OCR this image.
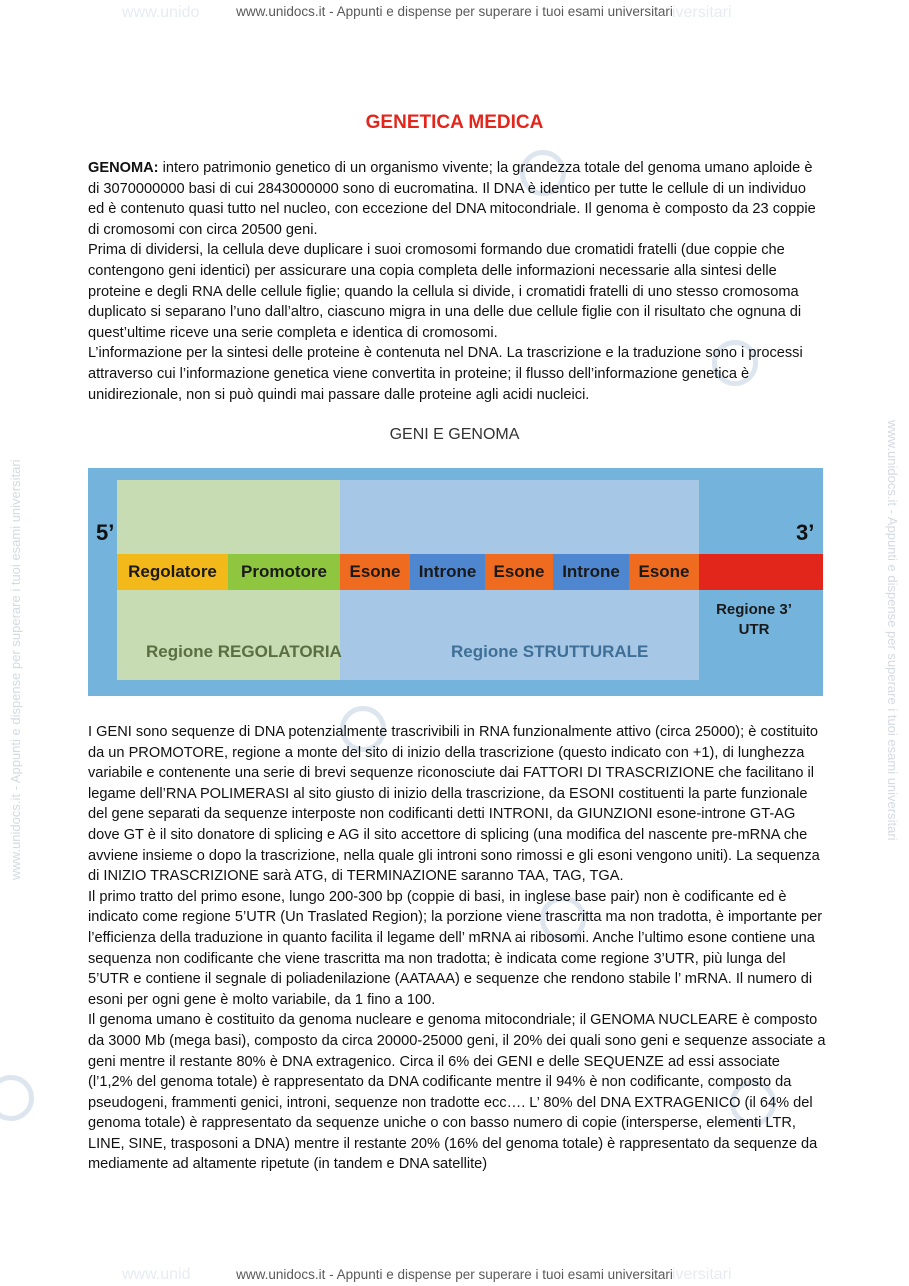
www.unido	iversitari
www.unid	iversitari
www.unidocs.it - Appunti e dispense per superare i tuoi esami universitari	www.unidocs.it - Appunti e dispense per superare i tuoi esami universitari
www.unidocs.it - Appunti e dispense per superare i tuoi esami universitari
GENETICA MEDICA
GENOMA: intero patrimonio genetico di un organismo vivente; la grandezza totale del genoma umano aploide è di 3070000000 basi di cui 2843000000 sono di eucromatina. Il DNA è identico per tutte le cellule di un individuo ed è contenuto quasi tutto nel nucleo, con eccezione del DNA mitocondriale. Il genoma è composto da 23 coppie di cromosomi con circa 20500 geni.
Prima di dividersi, la cellula deve duplicare i suoi cromosomi formando due cromatidi fratelli (due coppie che contengono geni identici) per assicurare una copia completa delle informazioni necessarie alla sintesi delle proteine e degli RNA delle cellule figlie; quando la cellula si divide, i cromatidi fratelli di uno stesso cromosoma duplicato si separano l’uno dall’altro, ciascuno migra in una delle due cellule figlie con il risultato che ognuna di quest’ultime riceve una serie completa e identica di cromosomi.
L’informazione per la sintesi delle proteine è contenuta nel DNA. La trascrizione e la traduzione sono i processi attraverso cui l’informazione genetica viene convertita in proteine; il flusso dell’informazione genetica è unidirezionale, non si può quindi mai passare dalle proteine agli acidi nucleici.
GENI E GENOMA
5’	3’
Regolatore Promotore Esone Introne Esone Introne Esone
Regione 3’ UTR
Regione REGOLATORIA	Regione STRUTTURALE
I GENI sono sequenze di DNA potenzialmente trascrivibili in RNA funzionalmente attivo (circa 25000); è costituito da un PROMOTORE, regione a monte del sito di inizio della trascrizione (questo indicato con +1), di lunghezza variabile e contenente una serie di brevi sequenze riconosciute dai FATTORI DI TRASCRIZIONE che facilitano il legame dell’RNA POLIMERASI al sito giusto di inizio della trascrizione, da ESONI costituenti la parte funzionale del gene separati da sequenze interposte non codificanti detti INTRONI, da GIUNZIONI esone-introne GT-AG dove GT è il sito donatore di splicing e AG il sito accettore di splicing (una modifica del nascente pre-mRNA che avviene insieme o dopo la trascrizione, nella quale gli introni sono rimossi e gli esoni vengono uniti). La sequenza di INIZIO TRASCRIZIONE sarà ATG, di TERMINAZIONE saranno TAA, TAG, TGA.
Il primo tratto del primo esone, lungo 200-300 bp (coppie di basi, in inglese base pair) non è codificante ed è indicato come regione 5’UTR (Un Traslated Region); la porzione viene trascritta ma non tradotta, è importante per l’efficienza della traduzione in quanto facilita il legame dell’ mRNA ai ribosomi. Anche l’ultimo esone contiene una sequenza non codificante che viene trascritta ma non tradotta; è indicata come regione 3’UTR, più lunga del 5’UTR e contiene il segnale di poliadenilazione (AATAAA) e sequenze che rendono stabile l’ mRNA. Il numero di esoni per ogni gene è molto variabile, da 1 fino a 100.
Il genoma umano è costituito da genoma nucleare e genoma mitocondriale; il GENOMA NUCLEARE è composto da 3000 Mb (mega basi), composto da circa 20000-25000 geni, il 20% dei quali sono geni e sequenze associate a geni mentre il restante 80% è DNA extragenico. Circa il 6% dei GENI e delle SEQUENZE ad essi associate (l’1,2% del genoma totale) è rappresentato da DNA codificante mentre il 94% è non codificante, composto da pseudogeni, frammenti genici, introni, sequenze non tradotte ecc…. L’ 80% del DNA EXTRAGENICO (il 64% del genoma totale) è rappresentato da sequenze uniche o con basso numero di copie (intersperse, elementi LTR, LINE, SINE, trasposoni a DNA) mentre il restante 20% (16% del genoma totale) è rappresentato da sequenze da mediamente ad altamente ripetute (in tandem e DNA satellite)
www.unidocs.it - Appunti e dispense per superare i tuoi esami universitari
